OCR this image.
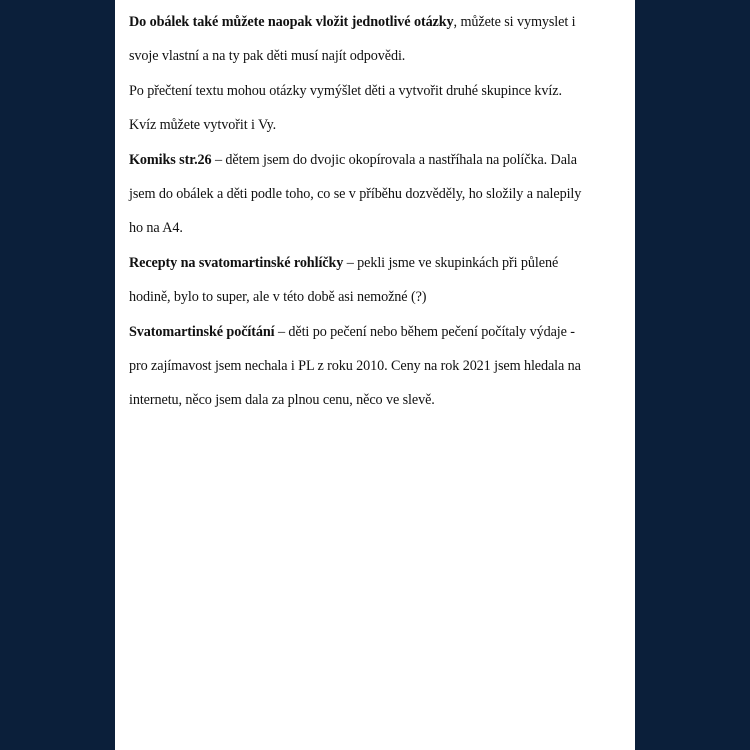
Do obálek také můžete naopak vložit jednotlivé otázky, můžete si vymyslet i
svoje vlastní a na ty pak děti musí najít odpovědi.
Po přečtení textu mohou otázky vymýšlet děti a vytvořit druhé skupince kvíz.
Kvíz můžete vytvořit i Vy.
Komiks str.26 – dětem jsem do dvojic okopírovala a nastříhala na políčka. Dala
jsem do obálek a děti podle toho, co se v příběhu dozvěděly, ho složily a nalepily
ho na A4.
Recepty na svatomartinské rohlíčky – pekli jsme ve skupinkách při půlené
hodině, bylo to super, ale v této době asi nemožné (?)
Svatomartinské počítání – děti po pečení nebo během pečení počítaly výdaje -
pro zajímavost jsem nechala i PL z roku 2010. Ceny na rok 2021 jsem hledala na
internetu, něco jsem dala za plnou cenu, něco ve slevě.
